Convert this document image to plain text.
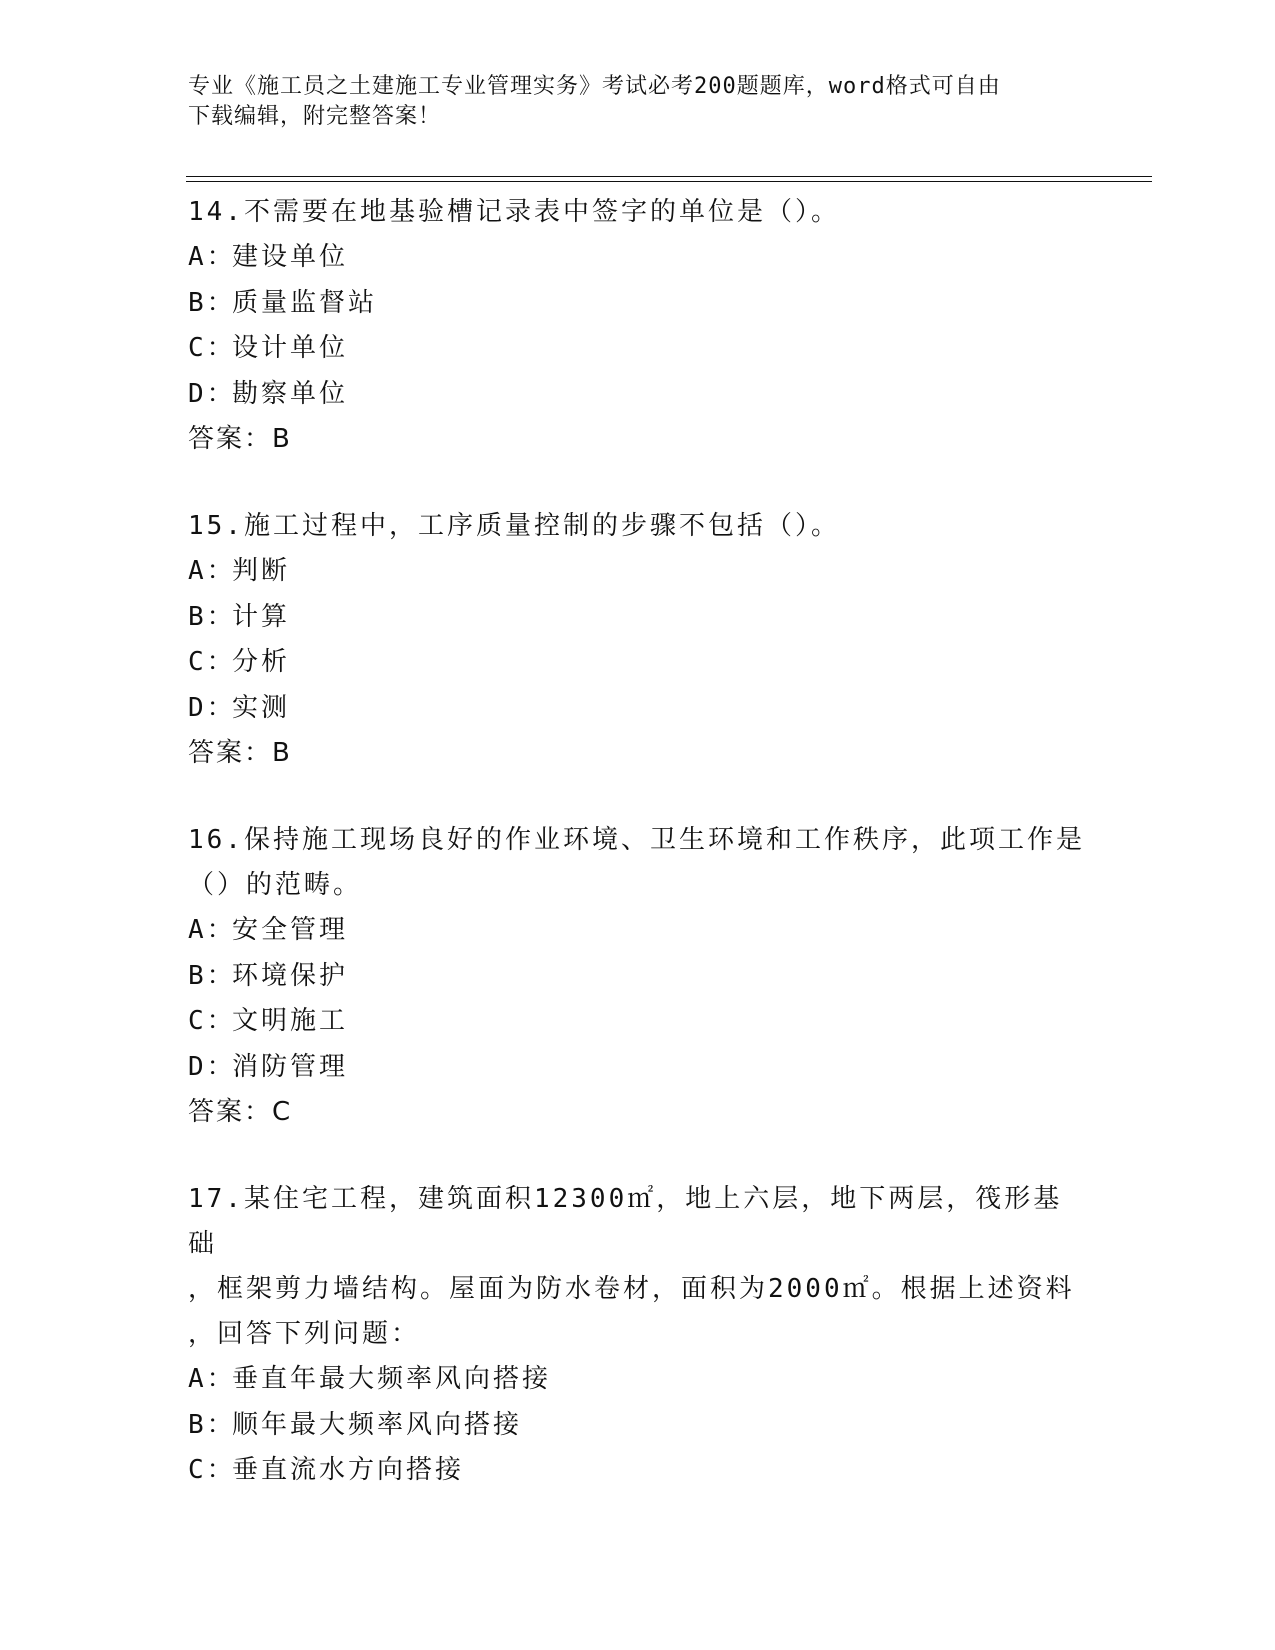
专业《施工员之土建施工专业管理实务》考试必考200题题库，word格式可自由
下载编辑，附完整答案！

14.不需要在地基验槽记录表中签字的单位是（）。

A：
建设单位

B：
质量监督站

C：
设计单位

D：
勘察单位

答案：B

15.施工过程中，工序质量控制的步骤不包括（）。

A：
判断

B：
计算

C：
分析

D：
实测

答案：B

16.保持施工现场良好的作业环境、卫生环境和工作秩序，此项工作是

（）的范畴。

A：
安全管理

B：
环境保护

C：
文明施工

D：
消防管理

答案：C

17.某住宅工程，建筑面积12300㎡，地上六层，地下两层，筏形基础

，框架剪力墙结构。屋面为防水卷材，面积为2000㎡。根据上述资料

，回答下列问题：

A：
垂直年最大频率风向搭接

B：
顺年最大频率风向搭接

C：
垂直流水方向搭接
